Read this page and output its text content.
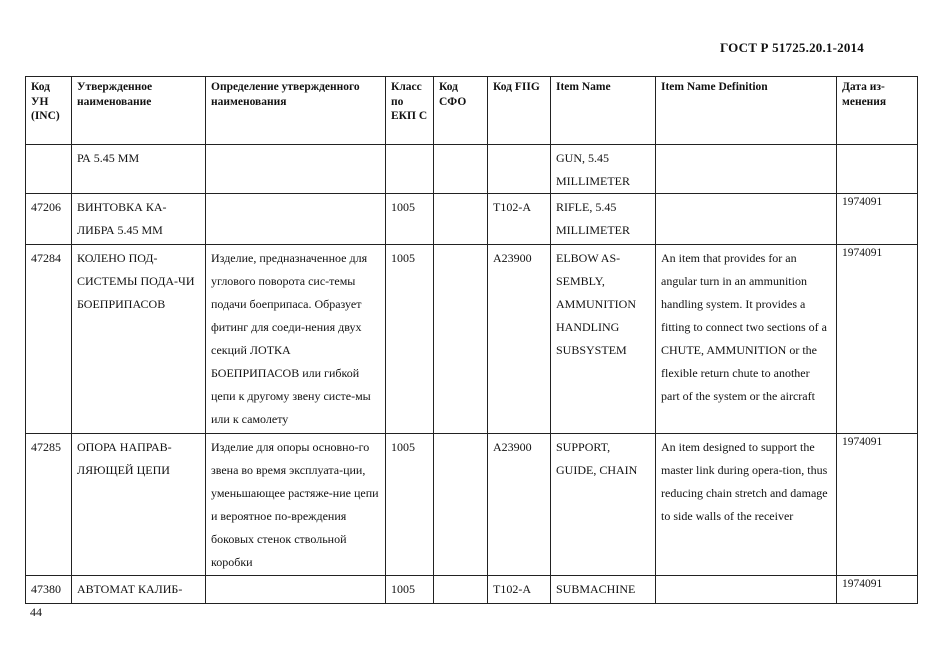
ГОСТ Р 51725.20.1-2014
Код УН (INC)	Утвержденное наименование	Определение утвержденного наименования	Класс по ЕКП С	Код СФО	Код FIIG	Item Name	Item Name Definition	Дата из-менения
	РА 5.45 ММ					GUN, 5.45 MILLIMETER		
47206	ВИНТОВКА КА-ЛИБРА 5.45 ММ		1005		T102-A	RIFLE, 5.45 MILLIMETER		1974091
47284	КОЛЕНО ПОД-СИСТЕМЫ ПОДА-ЧИ БОЕПРИПАСОВ	Изделие, предназначенное для углового поворота сис-темы подачи боеприпаса. Образует фитинг для соеди-нения двух секций ЛОТКА БОЕПРИПАСОВ или гибкой цепи к другому звену систе-мы или к самолету	1005		A23900	ELBOW AS-SEMBLY, AMMUNITION HANDLING SUBSYSTEM	An item that provides for an angular turn in an ammunition handling system. It provides a fitting to connect two sections of a CHUTE, AMMUNITION or the flexible return chute to another part of the system or the aircraft	1974091
47285	ОПОРА НАПРАВ-ЛЯЮЩЕЙ ЦЕПИ	Изделие для опоры основно-го звена во время эксплуата-ции, уменьшающее растяже-ние цепи и вероятное по-вреждения боковых стенок ствольной коробки	1005		A23900	SUPPORT, GUIDE, CHAIN	An item designed to support the master link during opera-tion, thus reducing chain stretch and damage to side walls of the receiver	1974091
47380	АВТОМАТ КАЛИБ-		1005		T102-A	SUBMACHINE		1974091
44
